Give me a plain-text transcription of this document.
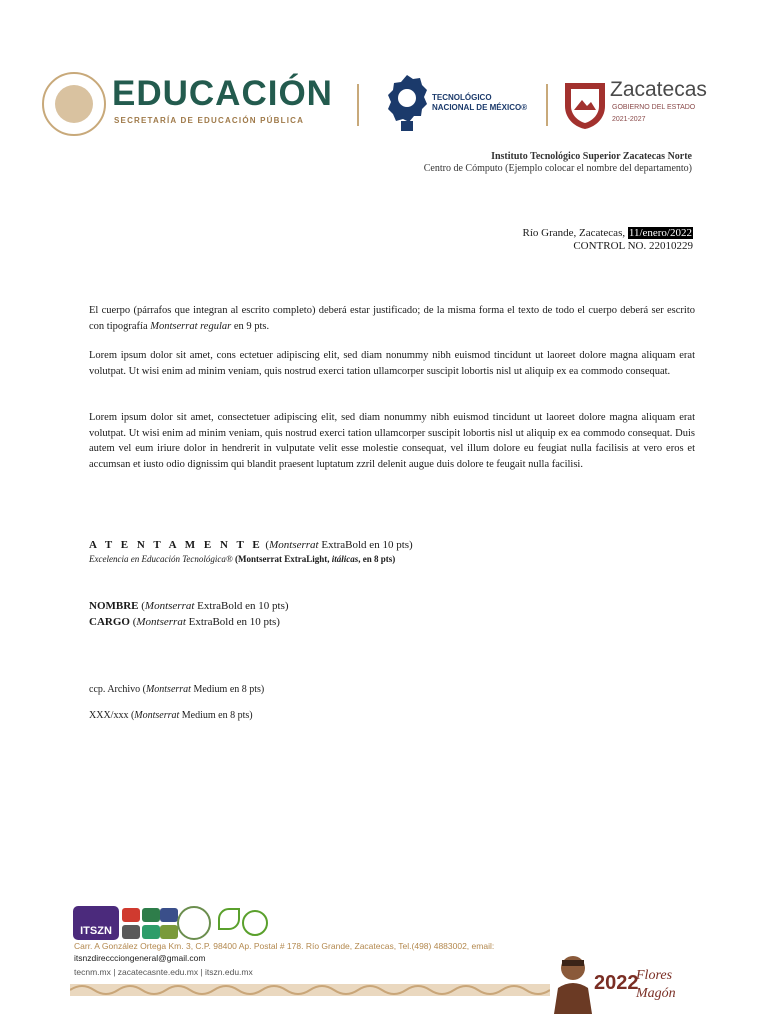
EDUCACIÓN
SECRETARÍA DE EDUCACIÓN PÚBLICA
TECNOLÓGICO
NACIONAL DE MÉXICO®
Zacatecas
GOBIERNO DEL ESTADO
2021-2027
Instituto Tecnológico Superior Zacatecas Norte
Centro de Cómputo (Ejemplo colocar el nombre del departamento)
Río Grande, Zacatecas, 11/enero/2022
CONTROL NO. 22010229
El cuerpo (párrafos que integran al escrito completo) deberá estar justificado; de la misma forma el texto de todo el cuerpo deberá ser escrito con tipografía Montserrat regular en 9 pts.
Lorem ipsum dolor sit amet, cons ectetuer adipiscing elit, sed diam nonummy nibh euismod tincidunt ut laoreet dolore magna aliquam erat volutpat. Ut wisi enim ad minim veniam, quis nostrud exerci tation ullamcorper suscipit lobortis nisl ut aliquip ex ea commodo consequat.
Lorem ipsum dolor sit amet, consectetuer adipiscing elit, sed diam nonummy nibh euismod tincidunt ut laoreet dolore magna aliquam erat volutpat. Ut wisi enim ad minim veniam, quis nostrud exerci tation ullamcorper suscipit lobortis nisl ut aliquip ex ea commodo consequat. Duis autem vel eum iriure dolor in hendrerit in vulputate velit esse molestie consequat, vel illum dolore eu feugiat nulla facilisis at vero eros et accumsan et iusto odio dignissim qui blandit praesent luptatum zzril delenit augue duis dolore te feugait nulla facilisi.
A T E N T A M E N T E (Montserrat ExtraBold en 10 pts)
Excelencia en Educación Tecnológica® (Montserrat ExtraLight, itálicas, en 8 pts)
NOMBRE (Montserrat ExtraBold en 10 pts)
CARGO (Montserrat ExtraBold en 10 pts)
ccp. Archivo (Montserrat Medium en 8 pts)
XXX/xxx (Montserrat Medium en 8 pts)
ITSZN
Carr. A González Ortega Km. 3, C.P. 98400 Ap. Postal # 178. Río Grande, Zacatecas, Tel.(498) 4883002, email:
itsnzdireccciongeneral@gmail.com
tecnm.mx | zacatecasnte.edu.mx | itszn.edu.mx	2022
Flores
Magón
